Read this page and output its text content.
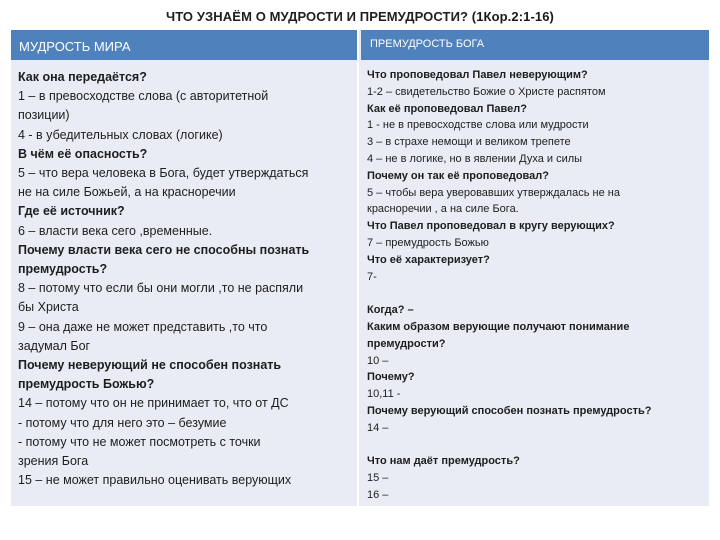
ЧТО УЗНАЁМ О МУДРОСТИ И ПРЕМУДРОСТИ? (1Кор.2:1-16)
МУДРОСТЬ МИРА	ПРЕМУДРОСТЬ БОГА
Как она передаётся?
1 – в превосходстве слова (с авторитетной
позиции)
4 - в убедительных словах (логике)
В чём её опасность?
5 – что вера человека в Бога, будет утверждаться
не на силе Божьей, а на красноречии
Где её источник?
6 – власти века сего ,временные.
Почему власти века сего не способны познать
премудрость?
8 – потому что если бы они могли ,то не распяли
бы Христа
9 – она даже не может представить ,то что
задумал Бог
Почему неверующий не способен познать
премудрость Божью?
14 – потому что он не принимает то, что от ДС
- потому что для него это – безумие
- потому что не может посмотреть с точки
зрения Бога
15 – не может правильно оценивать верующих
Что проповедовал Павел неверующим?
1-2 – свидетельство Божие о Христе распятом
Как её проповедовал Павел?
1 - не в превосходстве слова или мудрости
3 – в страхе немощи и великом трепете
4 – не в логике, но в явлении Духа и силы
Почему он так её проповедовал?
5 – чтобы вера уверовавших утверждалась не на
красноречии , а на силе Бога.
Что Павел проповедовал в кругу верующих?
7 – премудрость Божью
Что её характеризует?
7-
Когда? –
Каким образом верующие получают понимание
премудрости?
10 –
Почему?
10,11 -
Почему верующий способен познать премудрость?
14 –
Что нам даёт премудрость?
15 –
16 –
